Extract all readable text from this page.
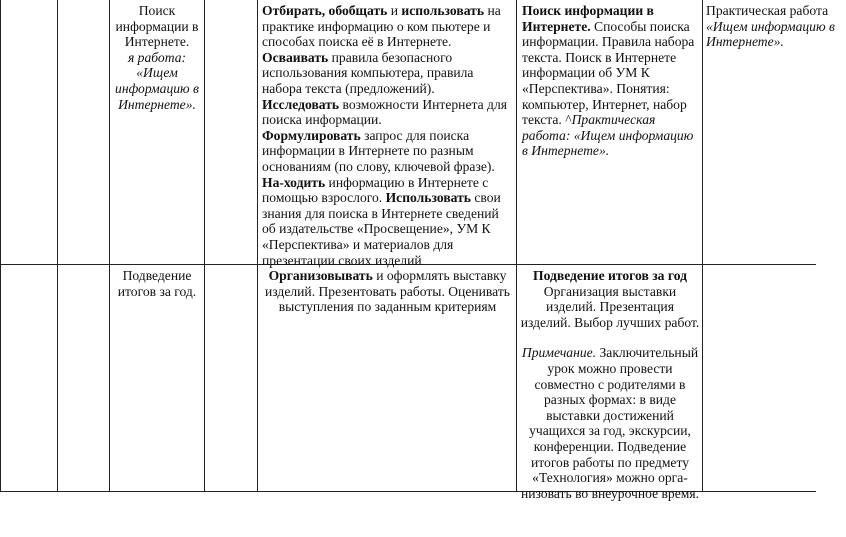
Поиск

информации в

Интернете.

я работа:

«Ищем

информацию в

Интернете».

Отбирать, обобщать и использовать на практике информацию о ком пьютере и способах поиска её в Интернете.

Осваивать правила безопасного использования компьютера, правила набора текста (предложений). Исследовать возможности Интернета для поиска информации.

Формулировать запрос для поиска информации в Интернете по разным основаниям (по слову, ключевой фразе). На-ходить информацию в Интернете с помощью взрослого. Использовать свои знания для поиска в Интернете сведений об издательстве «Просвещение», УМ К «Перспектива» и материалов для презентации своих изделий

Поиск информации в Интернете. Способы поиска информации. Правила набора текста. Поиск в Интернете информации об УМ К «Перспектива». Понятия: компьютер, Интернет, набор текста. ^Практическая работа: «Ищем информацию в Интернете».

Практическая работа

«Ищем информацию в Интернете».

Подведение

итогов за год.

Организовывать и оформлять выставку изделий. Презентовать работы. Оценивать выступления по заданным критериям

Подведение итогов за год Организация выставки изделий. Презентация изделий. Выбор лучших работ.

Примечание. Заключительный урок можно провести совместно с родителями в разных формах: в виде выставки достижений учащихся за год, экскурсии, конференции. Подведение итогов работы по предмету «Технология» можно орга-низовать во внеурочное время.
